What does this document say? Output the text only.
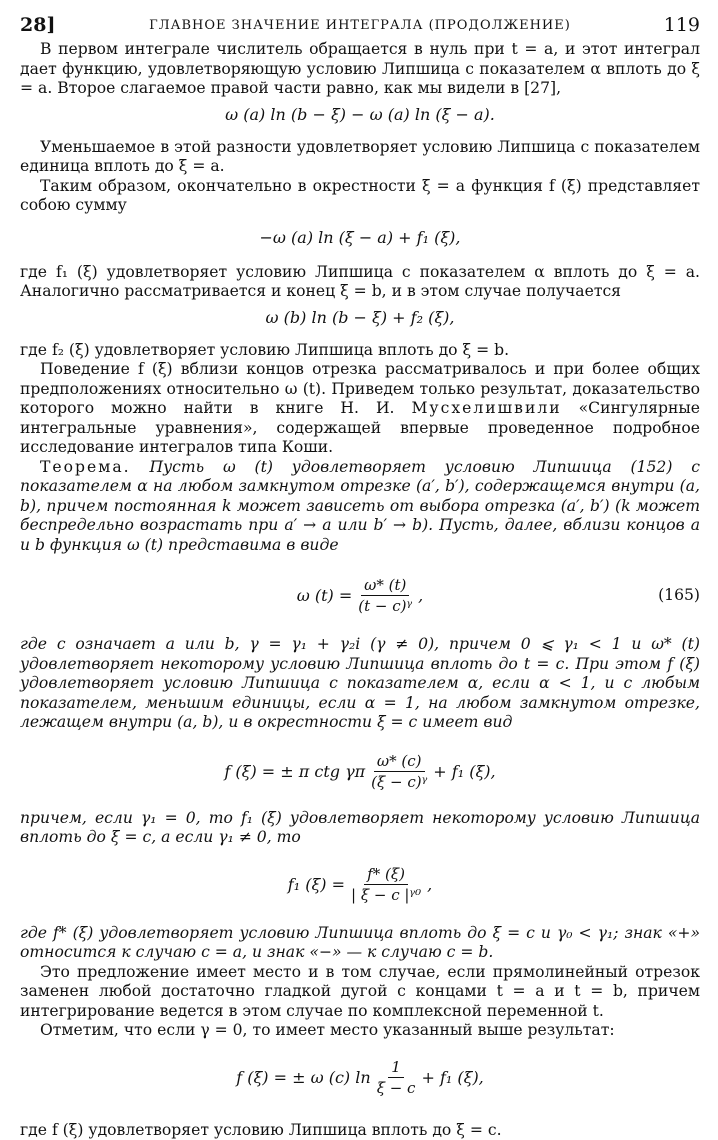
28]	ГЛАВНОЕ ЗНАЧЕНИЕ ИНТЕГРАЛА (ПРОДОЛЖЕНИЕ)	119

В первом интеграле числитель обращается в нуль при t = a, и этот интеграл дает функцию, удовлетворяющую условию Липшица с показателем α вплоть до ξ = a. Второе слагаемое правой части равно, как мы видели в [27],

ω (a) ln (b − ξ) − ω (a) ln (ξ − a).

Уменьшаемое в этой разности удовлетворяет условию Липшица с показателем единица вплоть до ξ = a.

Таким образом, окончательно в окрестности ξ = a функция f (ξ) представляет собою сумму

−ω (a) ln (ξ − a) + f₁ (ξ),

где f₁ (ξ) удовлетворяет условию Липшица с показателем α вплоть до ξ = a. Аналогично рассматривается и конец ξ = b, и в этом случае получается

ω (b) ln (b − ξ) + f₂ (ξ),

где f₂ (ξ) удовлетворяет условию Липшица вплоть до ξ = b.

Поведение f (ξ) вблизи концов отрезка рассматривалось и при более общих предположениях относительно ω (t). Приведем только результат, доказательство которого можно найти в книге Н. И. Мусхелишвили «Сингулярные интегральные уравнения», содержащей впервые проведенное подробное исследование интегралов типа Коши.

Теорема. Пусть ω (t) удовлетворяет условию Липшица (152) с показателем α на любом замкнутом отрезке (a′, b′), содержащемся внутри (a, b), причем постоянная k может зависеть от выбора отрезка (a′, b′) (k может беспредельно возрастать при a′ → a или b′ → b). Пусть, далее, вблизи концов a и b функция ω (t) представима в виде

ω $(t) = \frac{\omega* (t)}{\text{(t − c)ᵞ}}$ ,	(165)

где c означает a или b, γ = γ₁ + γ₂i (γ ≠ 0), причем 0 ⩽ γ₁ < 1 и ω* (t) удовлетворяет некоторому условию Липшица вплоть до t = c. При этом f (ξ) удовлетворяет условию Липшица с показателем α, если α < 1, и с любым показателем, меньшим единицы, если α = 1, на любом замкнутом отрезке, лежащем внутри (a, b), и в окрестности ξ = c имеет вид

f (ξ) = ± π ctg γπ $\frac{\omega* (c)}{\text{(ξ − c)ᵞ}} + f_1$ (ξ),

причем, если γ₁ = 0, то f₁ (ξ) удовлетворяет некоторому условию Липшица вплоть до ξ = c, а если γ₁ ≠ 0, то

f₁ $(\xi) = \frac{f* (\xi)}{\text{| ξ − c |ᵞ⁰}}$ ,

где f* (ξ) удовлетворяет условию Липшица вплоть до ξ = c и γ₀ < γ₁; знак «+» относится к случаю c = a, и знак «−» — к случаю c = b.

Это предложение имеет место и в том случае, если прямолинейный отрезок заменен любой достаточно гладкой дугой с концами t = a и t = b, причем интегрирование ведется в этом случае по комплексной переменной t.

Отметим, что если γ = 0, то имеет место указанный выше результат:

f (ξ) = ± ω (c) $\ln \frac{1}{\xi - c} + f_1$ (ξ),

где f (ξ) удовлетворяет условию Липшица вплоть до ξ = c.
